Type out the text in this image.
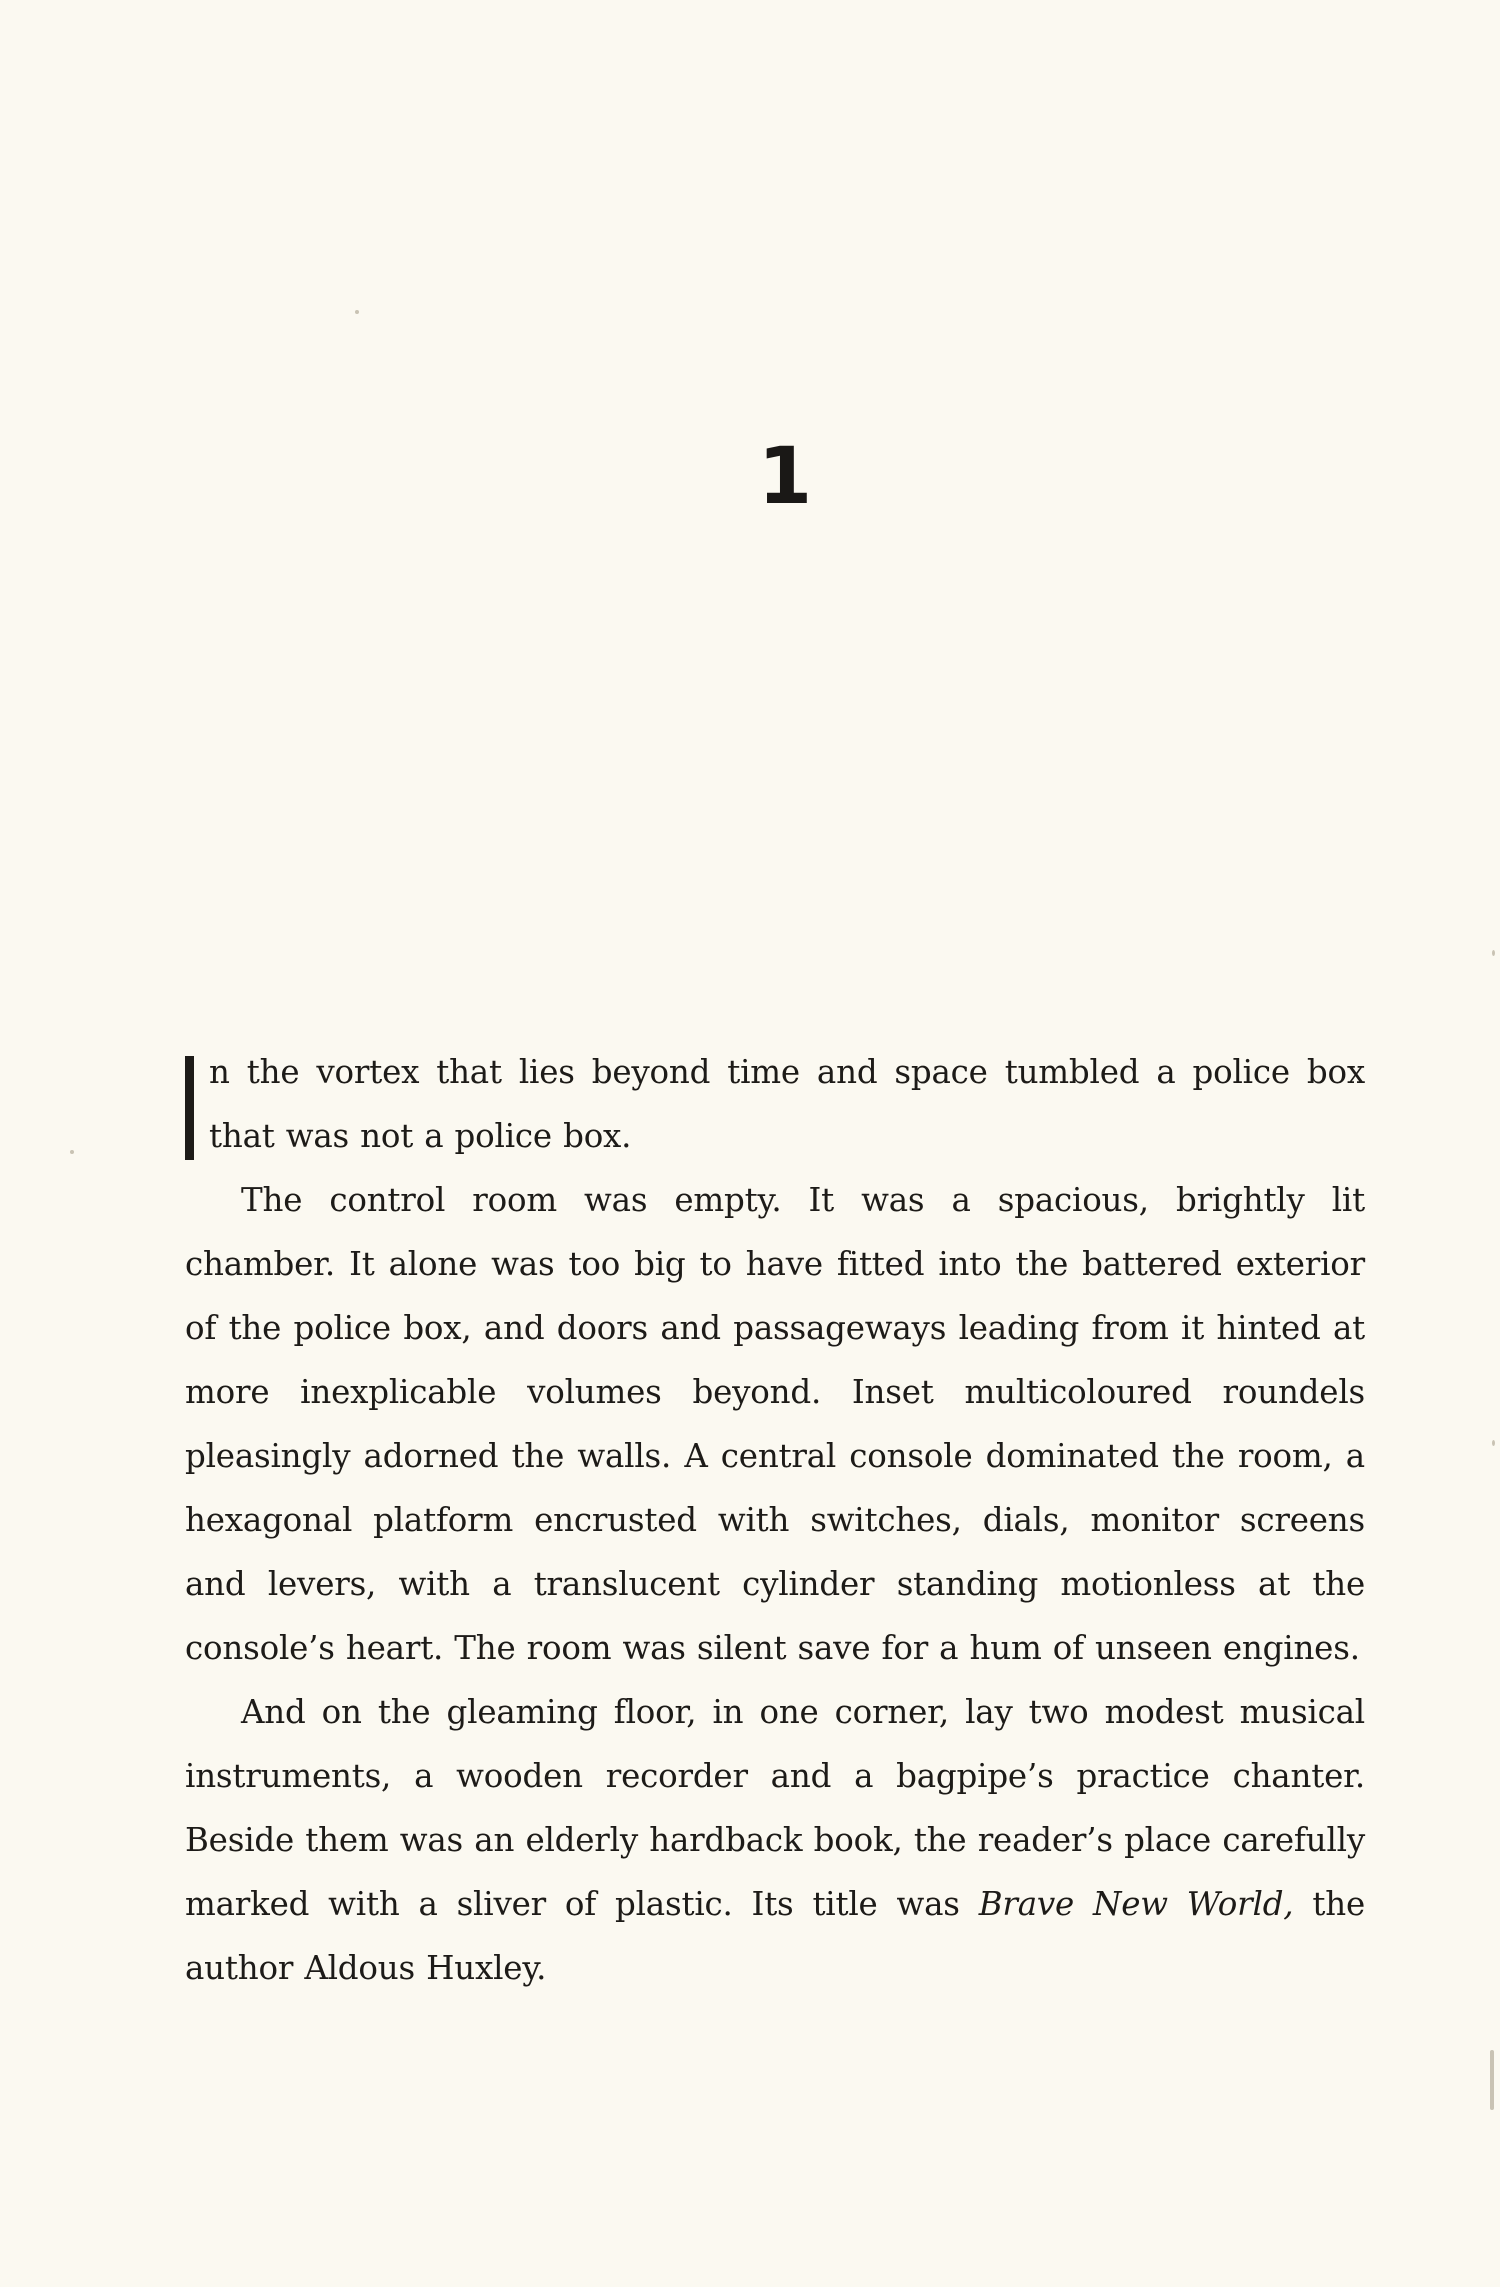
1

n the vortex that lies beyond time and space tumbled a police box that was not a police box.

The control room was empty. It was a spacious, brightly lit chamber. It alone was too big to have fitted into the battered exterior of the police box, and doors and passageways leading from it hinted at more inexplicable volumes beyond. Inset multicoloured roundels pleasingly adorned the walls. A central console dominated the room, a hexagonal platform encrusted with switches, dials, monitor screens and levers, with a translucent cylinder standing motionless at the console’s heart. The room was silent save for a hum of unseen engines.

And on the gleaming floor, in one corner, lay two modest musical instruments, a wooden recorder and a bagpipe’s practice chanter. Beside them was an elderly hardback book, the reader’s place carefully marked with a sliver of plastic. Its title was Brave New World, the author Aldous Huxley.
